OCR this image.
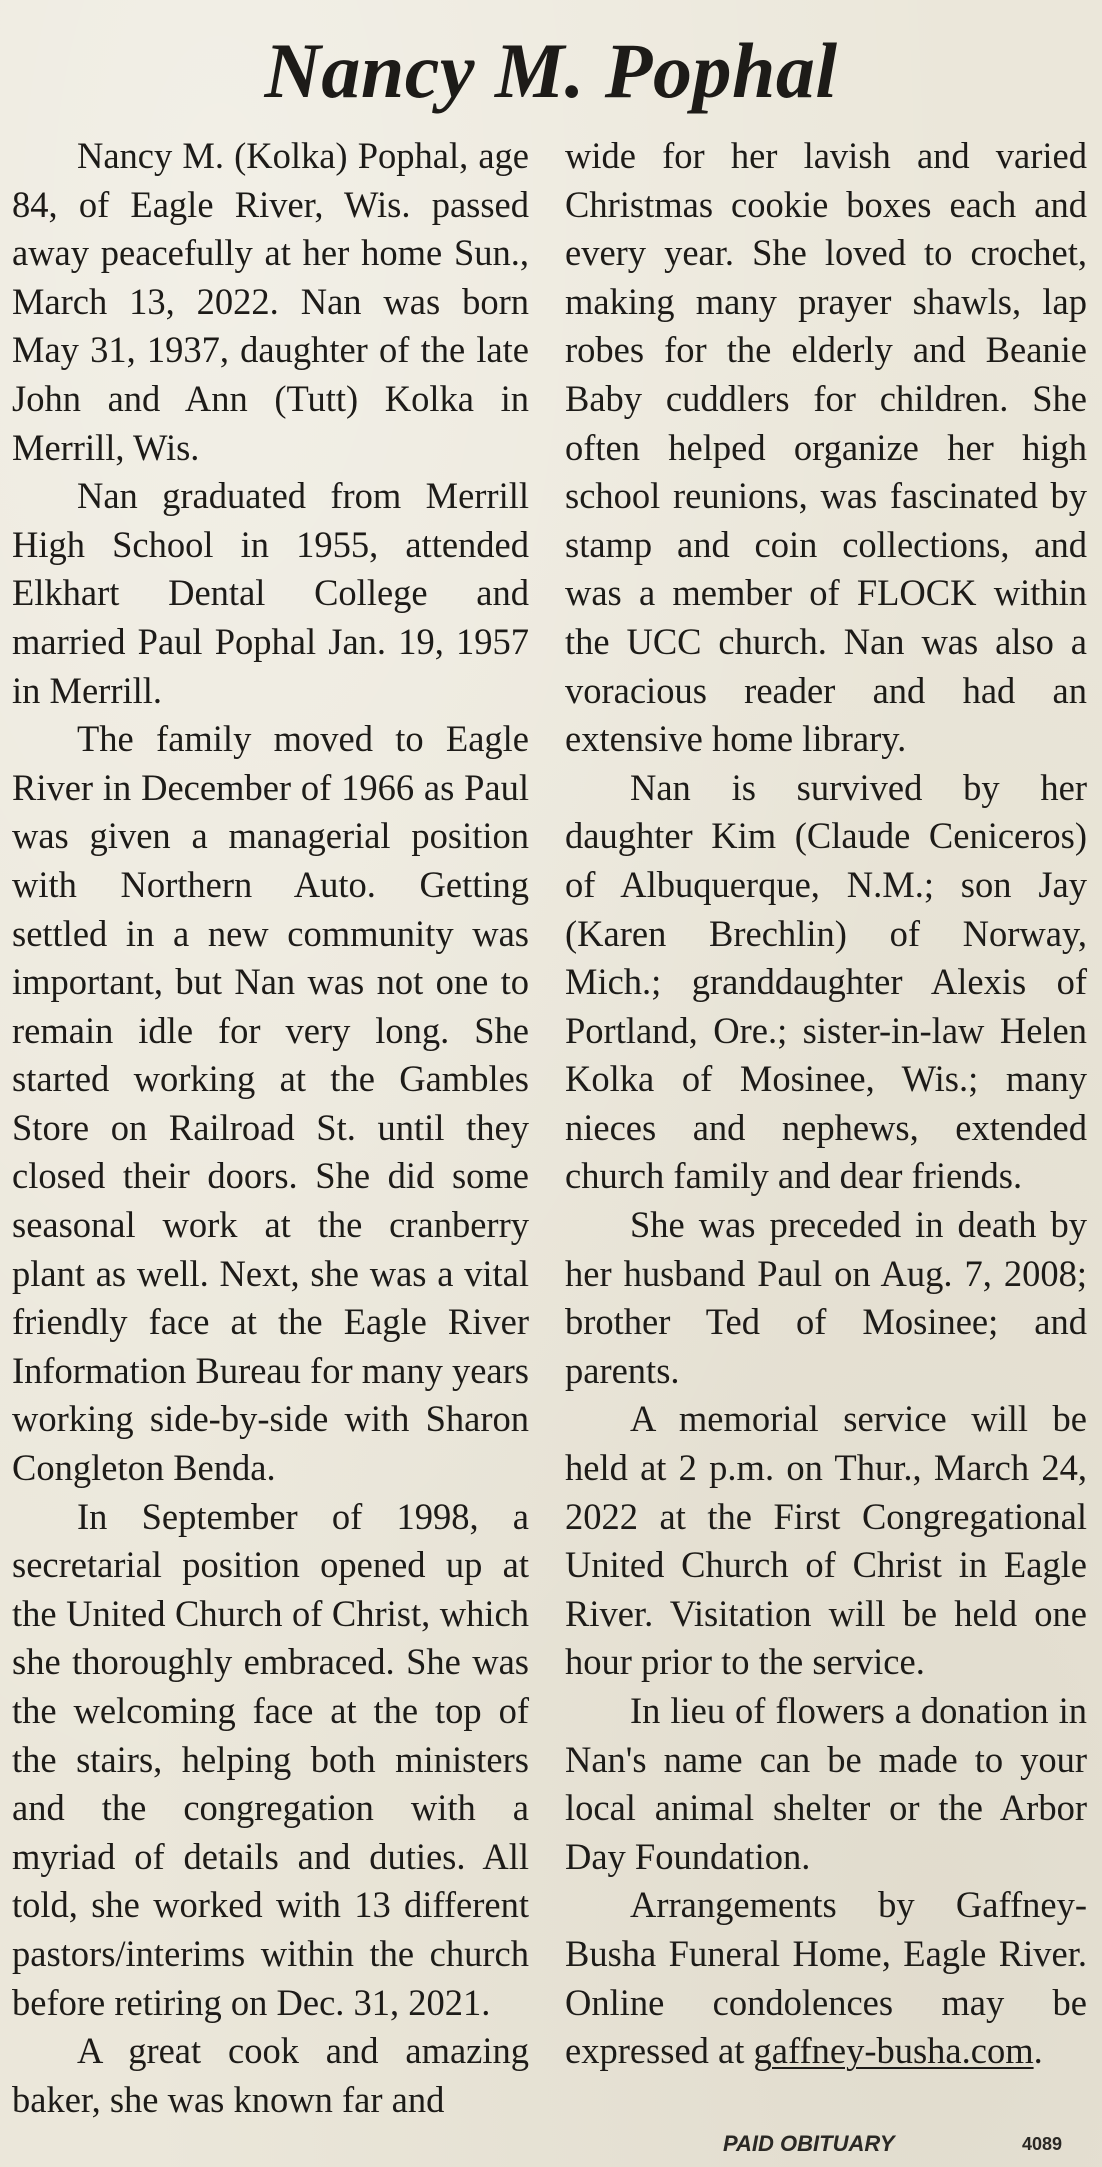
Nancy M. Pophal

Nancy M. (Kolka) Pophal, age 84, of Eagle River, Wis. passed away peacefully at her home Sun., March 13, 2022. Nan was born May 31, 1937, daughter of the late John and Ann (Tutt) Kolka in Merrill, Wis.

Nan graduated from Merrill High School in 1955, attended Elkhart Dental College and married Paul Pophal Jan. 19, 1957 in Merrill.

The family moved to Eagle River in December of 1966 as Paul was given a managerial position with Northern Auto. Getting settled in a new community was important, but Nan was not one to remain idle for very long. She started working at the Gambles Store on Railroad St. until they closed their doors. She did some seasonal work at the cranberry plant as well. Next, she was a vital friendly face at the Eagle River Information Bureau for many years working side-by-side with Sharon Congleton Benda.

In September of 1998, a secretarial position opened up at the United Church of Christ, which she thoroughly embraced. She was the welcoming face at the top of the stairs, helping both ministers and the congregation with a myriad of details and duties. All told, she worked with 13 different pastors/interims within the church before retiring on Dec. 31, 2021.

A great cook and amazing baker, she was known far and

wide for her lavish and varied Christmas cookie boxes each and every year. She loved to crochet, making many prayer shawls, lap robes for the elderly and Beanie Baby cuddlers for children. She often helped organize her high school reunions, was fascinated by stamp and coin collections, and was a member of FLOCK within the UCC church. Nan was also a voracious reader and had an extensive home library.

Nan is survived by her daughter Kim (Claude Ceniceros) of Albuquerque, N.M.; son Jay (Karen Brechlin) of Norway, Mich.; granddaughter Alexis of Portland, Ore.; sister-in-law Helen Kolka of Mosinee, Wis.; many nieces and nephews, extended church family and dear friends.

She was preceded in death by her husband Paul on Aug. 7, 2008; brother Ted of Mosinee; and parents.

A memorial service will be held at 2 p.m. on Thur., March 24, 2022 at the First Congregational United Church of Christ in Eagle River. Visitation will be held one hour prior to the service.

In lieu of flowers a donation in Nan's name can be made to your local animal shelter or the Arbor Day Foundation.

Arrangements by Gaffney-Busha Funeral Home, Eagle River. Online condolences may be expressed at gaffney-busha.com.

PAID OBITUARY	4089
